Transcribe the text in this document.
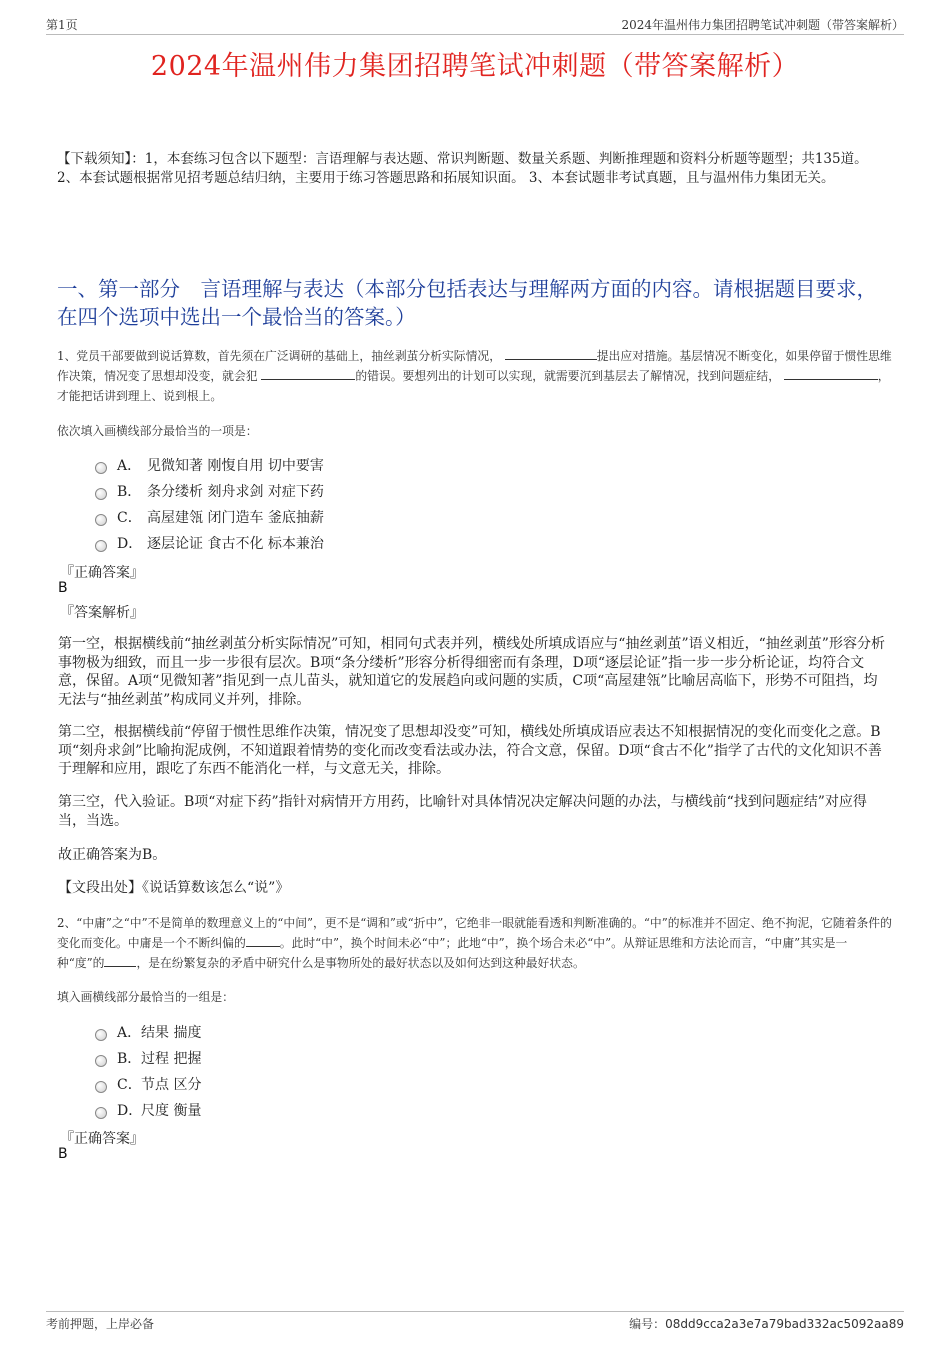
第1页	2024年温州伟力集团招聘笔试冲刺题（带答案解析）
2024年温州伟力集团招聘笔试冲刺题（带答案解析）
【下载须知】：1，本套练习包含以下题型：言语理解与表达题、常识判断题、数量关系题、判断推理题和资料分析题等题型；共135道。 2、本套试题根据常见招考题总结归纳，主要用于练习答题思路和拓展知识面。 3、本套试题非考试真题，且与温州伟力集团无关。
一、第一部分　言语理解与表达（本部分包括表达与理解两方面的内容。请根据题目要求，在四个选项中选出一个最恰当的答案。）
1、党员干部要做到说话算数，首先须在广泛调研的基础上，抽丝剥茧分析实际情况，	提出应对措施。基层情况不断变化，如果停留于惯性思维作决策，情况变了思想却没变，就会犯	的错误。要想列出的计划可以实现，就需要沉到基层去了解情况，找到问题症结，	，才能把话讲到理上、说到根上。
依次填入画横线部分最恰当的一项是：
A． 见微知著 刚愎自用 切中要害
B． 条分缕析 刻舟求剑 对症下药
C． 高屋建瓴 闭门造车 釜底抽薪
D． 逐层论证 食古不化 标本兼治
『正确答案』
B
『答案解析』
第一空，根据横线前“抽丝剥茧分析实际情况”可知，相同句式表并列，横线处所填成语应与“抽丝剥茧”语义相近，“抽丝剥茧”形容分析事物极为细致，而且一步一步很有层次。B项“条分缕析”形容分析得细密而有条理，D项“逐层论证”指一步一步分析论证，均符合文意，保留。A项“见微知著”指见到一点儿苗头，就知道它的发展趋向或问题的实质，C项“高屋建瓴”比喻居高临下，形势不可阻挡，均无法与“抽丝剥茧”构成同义并列，排除。
第二空，根据横线前“停留于惯性思维作决策，情况变了思想却没变”可知，横线处所填成语应表达不知根据情况的变化而变化之意。B项“刻舟求剑”比喻拘泥成例，不知道跟着情势的变化而改变看法或办法，符合文意，保留。D项“食古不化”指学了古代的文化知识不善于理解和应用，跟吃了东西不能消化一样，与文意无关，排除。
第三空，代入验证。B项“对症下药”指针对病情开方用药，比喻针对具体情况决定解决问题的办法，与横线前“找到问题症结”对应得当，当选。
故正确答案为B。
【文段出处】《说话算数该怎么“说”》
2、“中庸”之“中”不是简单的数理意义上的“中间”，更不是“调和”或“折中”，它绝非一眼就能看透和判断准确的。“中”的标准并不固定、绝不拘泥，它随着条件的变化而变化。中庸是一个不断纠偏的	。此时“中”，换个时间未必“中”；此地“中”，换个场合未必“中”。从辩证思维和方法论而言，“中庸”其实是一种“度”的	，是在纷繁复杂的矛盾中研究什么是事物所处的最好状态以及如何达到这种最好状态。
填入画横线部分最恰当的一组是：
A． 结果 揣度
B． 过程 把握
C． 节点 区分
D．
尺度 衡量
『正确答案』
B
考前押题，上岸必备	编号：08dd9cca2a3e7a79bad332ac5092aa89
